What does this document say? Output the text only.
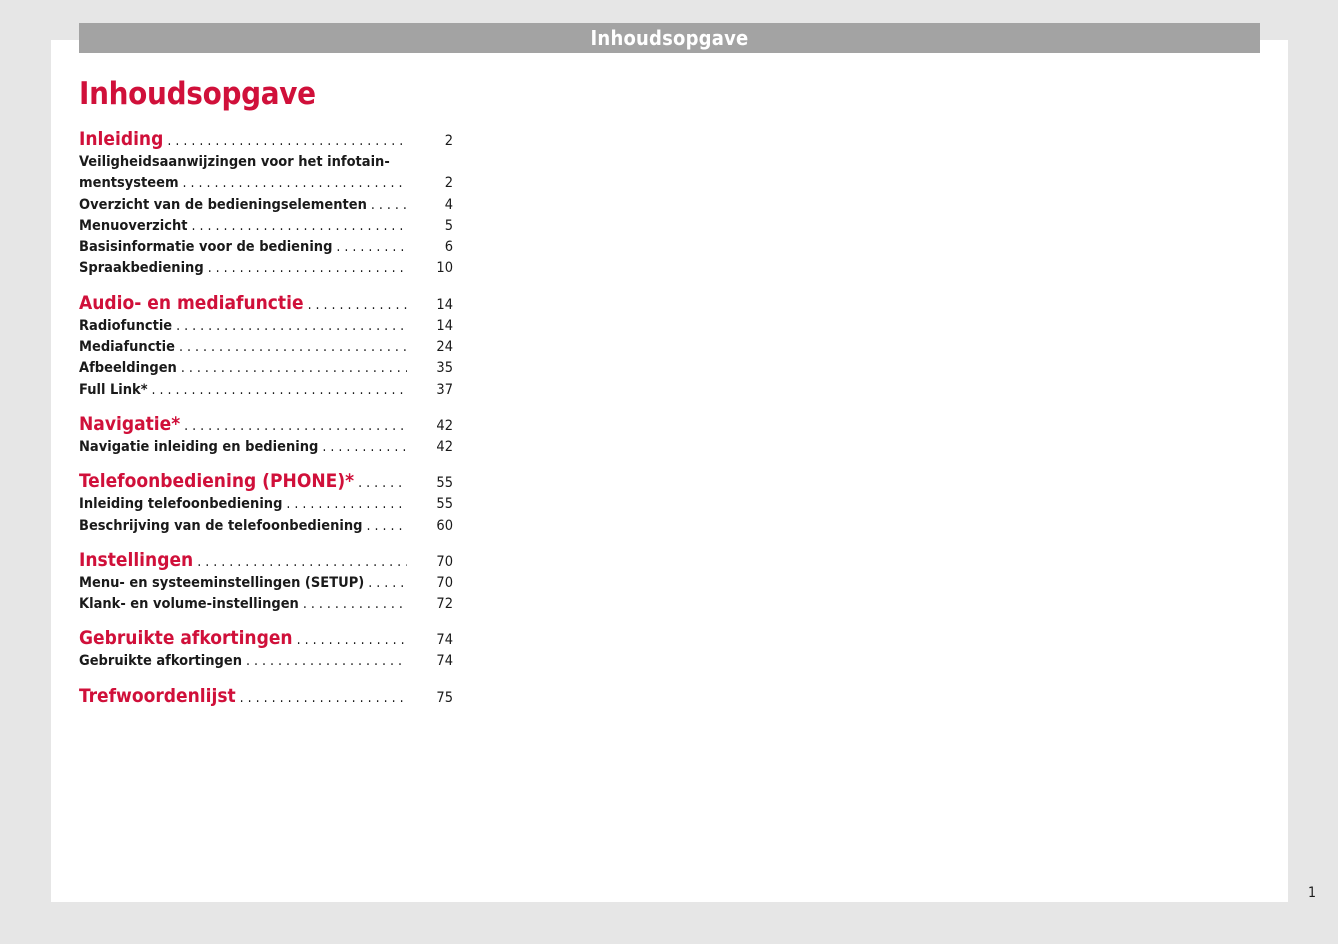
Inhoudsopgave
Inhoudsopgave
Inleiding . . .	2
Veiligheidsaanwijzingen voor het infotain-
mentsysteem . . .	2
Overzicht van de bedieningselementen . . .	4
Menuoverzicht . . .	5
Basisinformatie voor de bediening . . .	6
Spraakbediening . . .	10
Audio- en mediafunctie . . .	14
Radiofunctie . . .	14
Mediafunctie . . .	24
Afbeeldingen . . .	35
Full Link* . . .	37
Navigatie* . . .	42
Navigatie inleiding en bediening . . .	42
Telefoonbediening (PHONE)* . . .	55
Inleiding telefoonbediening . . .	55
Beschrijving van de telefoonbediening . . .	60
Instellingen . . .	70
Menu- en systeeminstellingen (SETUP) . . .	70
Klank- en volume-instellingen . . .	72
Gebruikte afkortingen . . .	74
Gebruikte afkortingen . . .	74
Trefwoordenlijst . . .	75
1
